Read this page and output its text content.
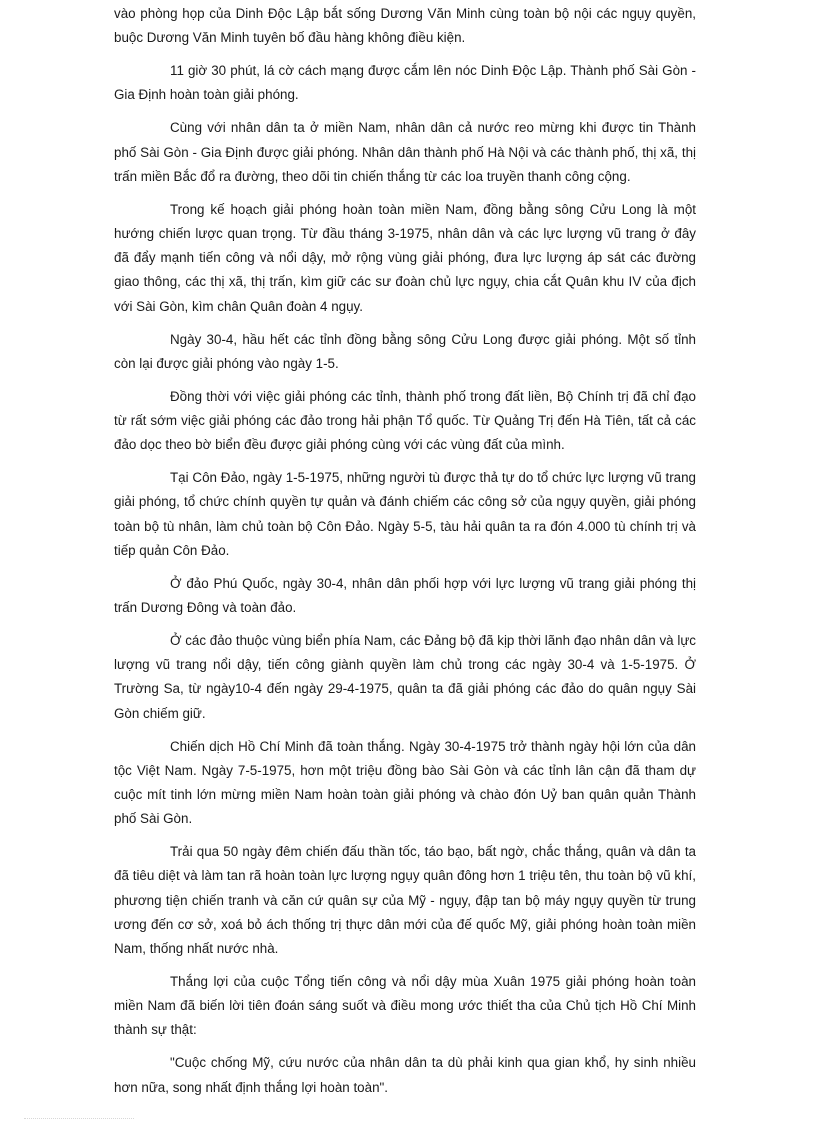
vào phòng họp của Dinh Độc Lập bắt sống Dương Văn Minh cùng toàn bộ nội các ngụy quyền, buộc Dương Văn Minh tuyên bố đầu hàng không điều kiện.

11 giờ 30 phút, lá cờ cách mạng được cắm lên nóc Dinh Độc Lập. Thành phố Sài Gòn - Gia Định hoàn toàn giải phóng.

Cùng với nhân dân ta ở miền Nam, nhân dân cả nước reo mừng khi được tin Thành phố Sài Gòn - Gia Định được giải phóng. Nhân dân thành phố Hà Nội và các thành phố, thị xã, thị trấn miền Bắc đổ ra đường, theo dõi tin chiến thắng từ các loa truyền thanh công cộng.

Trong kế hoạch giải phóng hoàn toàn miền Nam, đồng bằng sông Cửu Long là một hướng chiến lược quan trọng. Từ đầu tháng 3-1975, nhân dân và các lực lượng vũ trang ở đây đã đẩy mạnh tiến công và nổi dậy, mở rộng vùng giải phóng, đưa lực lượng áp sát các đường giao thông, các thị xã, thị trấn, kìm giữ các sư đoàn chủ lực ngụy, chia cắt Quân khu IV của địch với Sài Gòn, kìm chân Quân đoàn 4 ngụy.

Ngày 30-4, hầu hết các tỉnh đồng bằng sông Cửu Long được giải phóng. Một số tỉnh còn lại được giải phóng vào ngày 1-5.

Đồng thời với việc giải phóng các tỉnh, thành phố trong đất liền, Bộ Chính trị đã chỉ đạo từ rất sớm việc giải phóng các đảo trong hải phận Tổ quốc. Từ Quảng Trị đến Hà Tiên, tất cả các đảo dọc theo bờ biển đều được giải phóng cùng với các vùng đất của mình.

Tại Côn Đảo, ngày 1-5-1975, những người tù được thả tự do tổ chức lực lượng vũ trang giải phóng, tổ chức chính quyền tự quản và đánh chiếm các công sở của ngụy quyền, giải phóng toàn bộ tù nhân, làm chủ toàn bộ Côn Đảo. Ngày 5-5, tàu hải quân ta ra đón 4.000 tù chính trị và tiếp quản Côn Đảo.

Ở đảo Phú Quốc, ngày 30-4, nhân dân phối hợp với lực lượng vũ trang giải phóng thị trấn Dương Đông và toàn đảo.

Ở các đảo thuộc vùng biển phía Nam, các Đảng bộ đã kịp thời lãnh đạo nhân dân và lực lượng vũ trang nổi dậy, tiến công giành quyền làm chủ trong các ngày 30-4 và 1-5-1975. Ở Trường Sa, từ ngày10-4 đến ngày 29-4-1975, quân ta đã giải phóng các đảo do quân ngụy Sài Gòn chiếm giữ.

Chiến dịch Hồ Chí Minh đã toàn thắng. Ngày 30-4-1975 trở thành ngày hội lớn của dân tộc Việt Nam. Ngày 7-5-1975, hơn một triệu đồng bào Sài Gòn và các tỉnh lân cận đã tham dự cuộc mít tinh lớn mừng miền Nam hoàn toàn giải phóng và chào đón Uỷ ban quân quản Thành phố Sài Gòn.

Trải qua 50 ngày đêm chiến đấu thần tốc, táo bạo, bất ngờ, chắc thắng, quân và dân ta đã tiêu diệt và làm tan rã hoàn toàn lực lượng ngụy quân đông hơn 1 triệu tên, thu toàn bộ vũ khí, phương tiện chiến tranh và căn cứ quân sự của Mỹ - ngụy, đập tan bộ máy ngụy quyền từ trung ương đến cơ sở, xoá bỏ ách thống trị thực dân mới của đế quốc Mỹ, giải phóng hoàn toàn miền Nam, thống nhất nước nhà.

Thắng lợi của cuộc Tổng tiến công và nổi dậy mùa Xuân 1975 giải phóng hoàn toàn miền Nam đã biến lời tiên đoán sáng suốt và điều mong ước thiết tha của Chủ tịch Hồ Chí Minh thành sự thật:

"Cuộc chống Mỹ, cứu nước của nhân dân ta dù phải kinh qua gian khổ, hy sinh nhiều hơn nữa, song nhất định thắng lợi hoàn toàn".
